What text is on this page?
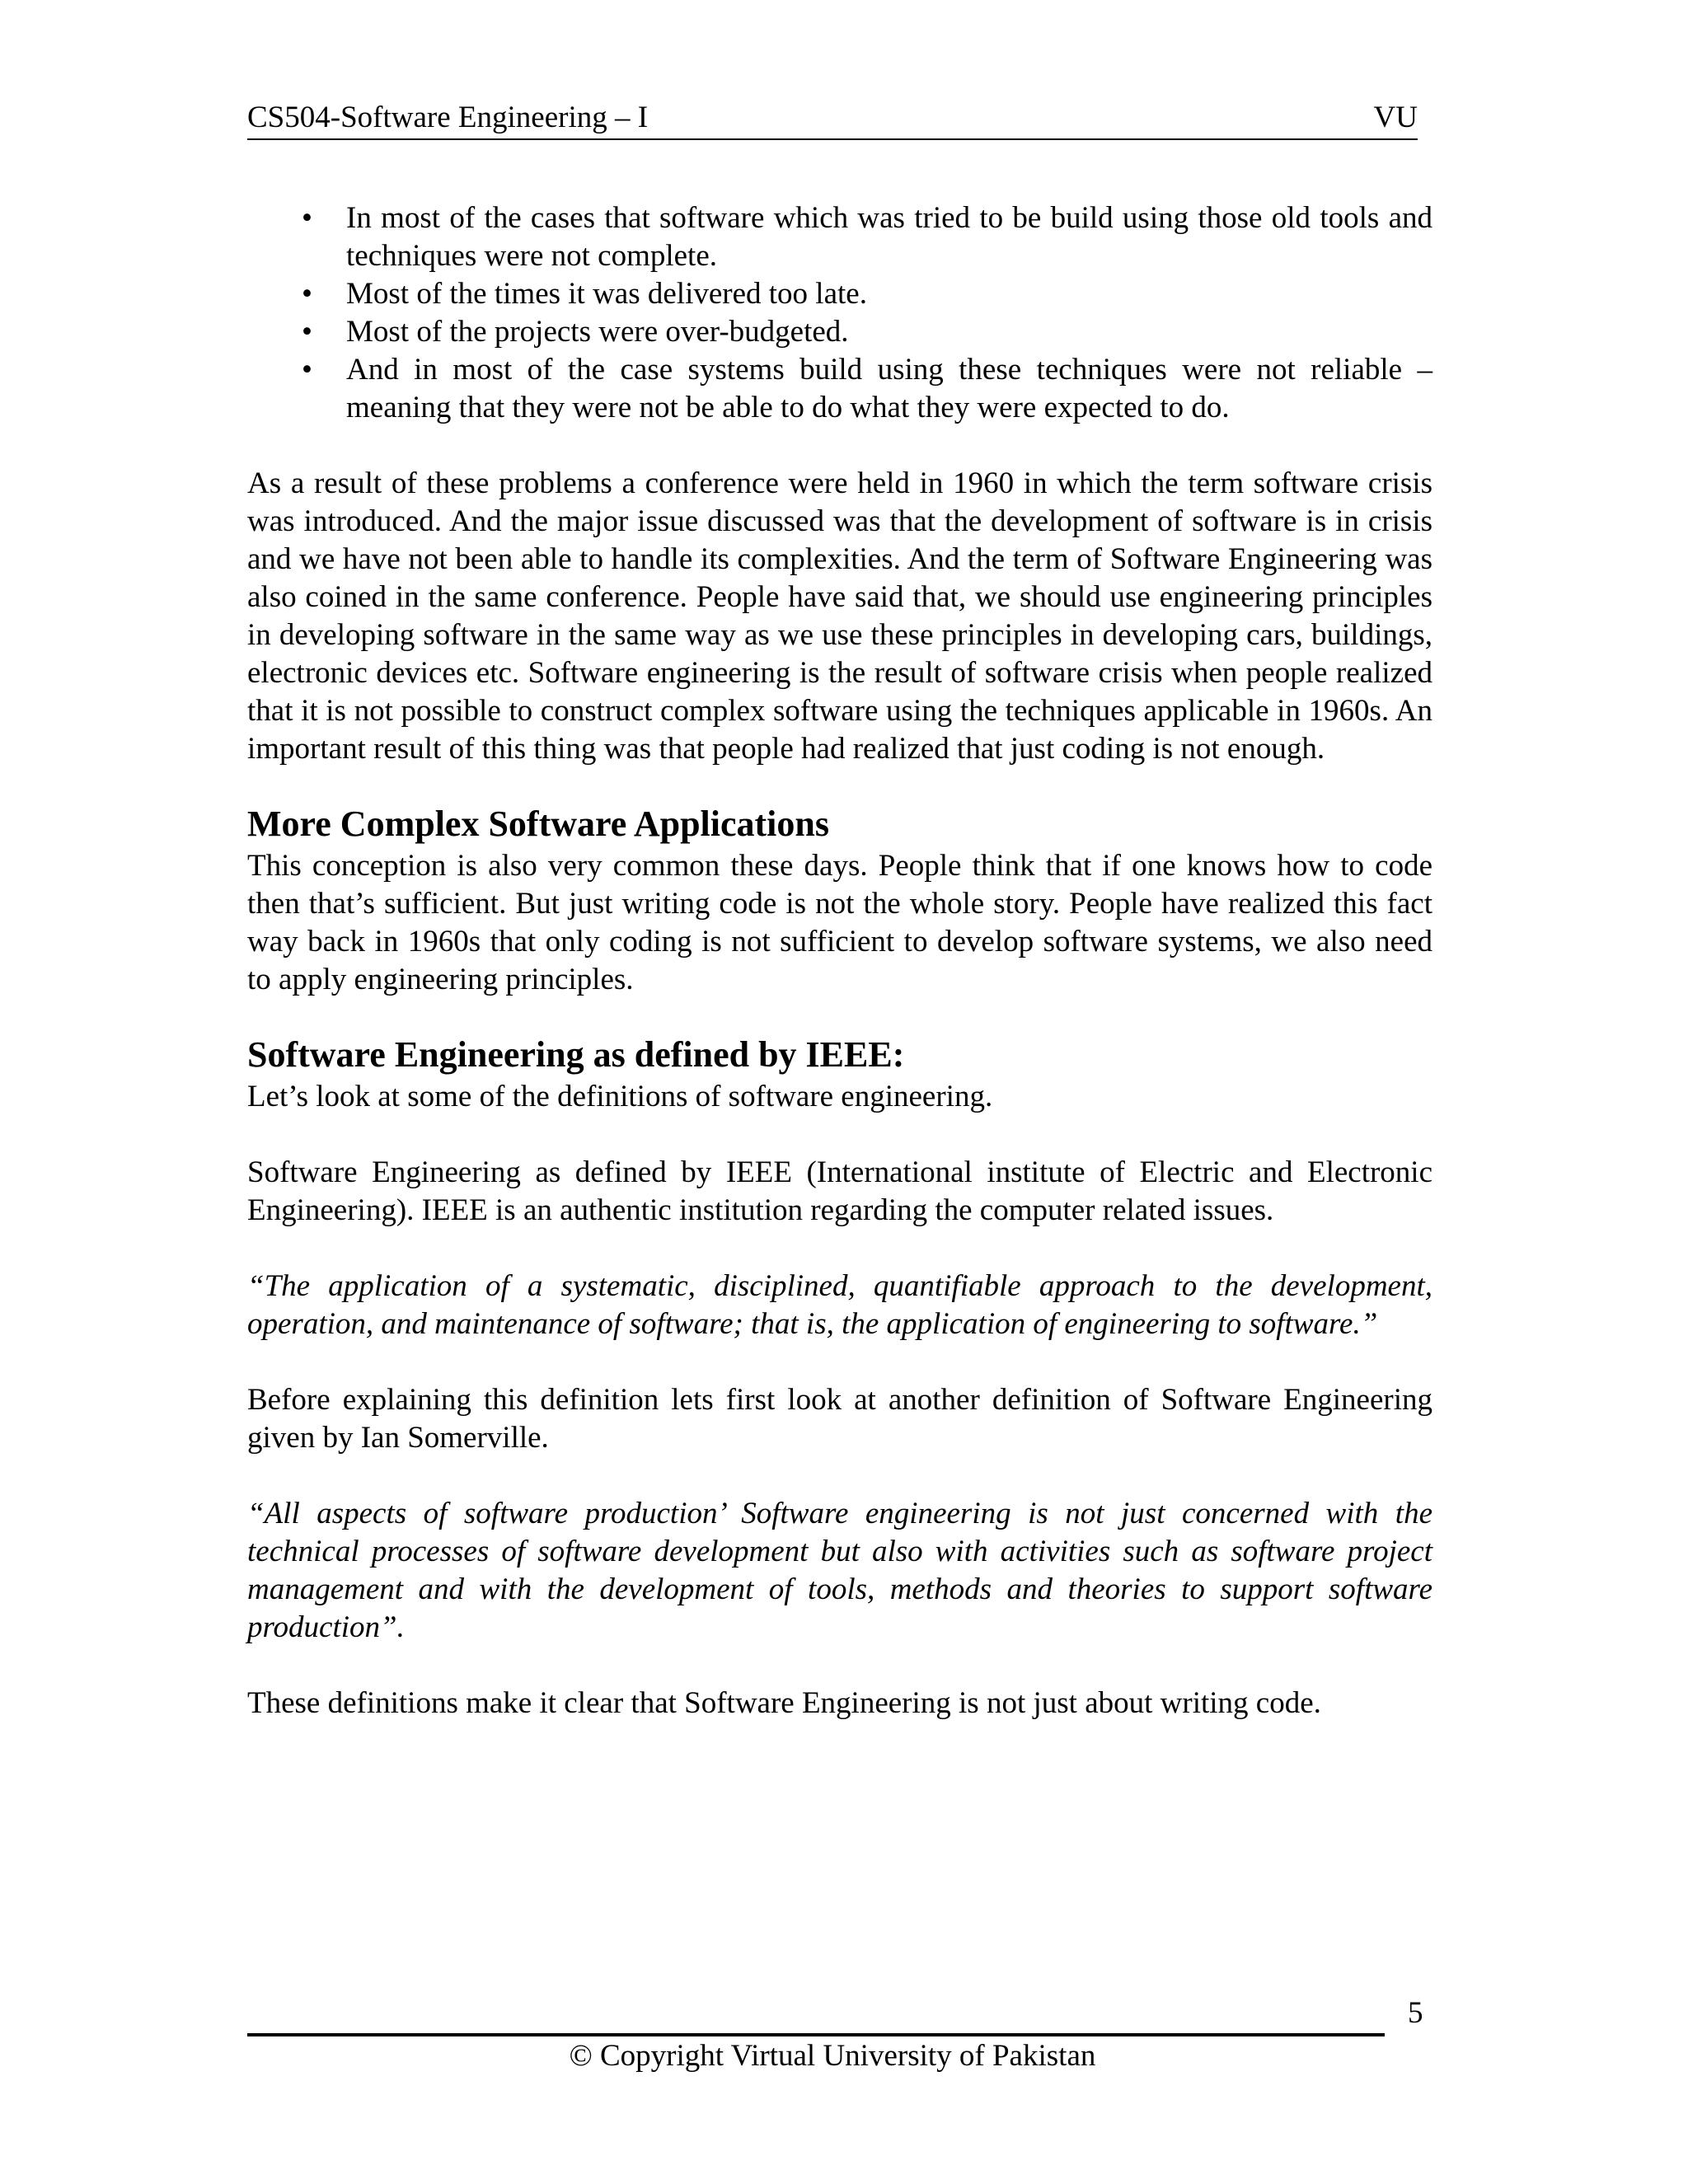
CS504-Software Engineering – I	VU
• In most of the cases that software which was tried to be build using those old tools and techniques were not complete.
• Most of the times it was delivered too late.
• Most of the projects were over-budgeted.
• And in most of the case systems build using these techniques were not reliable – meaning that they were not be able to do what they were expected to do.

As a result of these problems a conference were held in 1960 in which the term software crisis was introduced. And the major issue discussed was that the development of software is in crisis and we have not been able to handle its complexities. And the term of Software Engineering was also coined in the same conference. People have said that, we should use engineering principles in developing software in the same way as we use these principles in developing cars, buildings, electronic devices etc. Software engineering is the result of software crisis when people realized that it is not possible to construct complex software using the techniques applicable in 1960s. An important result of this thing was that people had realized that just coding is not enough.

More Complex Software Applications

This conception is also very common these days. People think that if one knows how to code then that’s sufficient. But just writing code is not the whole story. People have realized this fact way back in 1960s that only coding is not sufficient to develop software systems, we also need to apply engineering principles.

Software Engineering as defined by IEEE:

Let’s look at some of the definitions of software engineering.

Software Engineering as defined by IEEE (International institute of Electric and Electronic Engineering). IEEE is an authentic institution regarding the computer related issues.

“The application of a systematic, disciplined, quantifiable approach to the development, operation, and maintenance of software; that is, the application of engineering to software.”

Before explaining this definition lets first look at another definition of Software Engineering given by Ian Somerville.

“All aspects of software production’ Software engineering is not just concerned with the technical processes of software development but also with activities such as software project management and with the development of tools, methods and theories to support software production”.

These definitions make it clear that Software Engineering is not just about writing code.

5
© Copyright Virtual University of Pakistan
